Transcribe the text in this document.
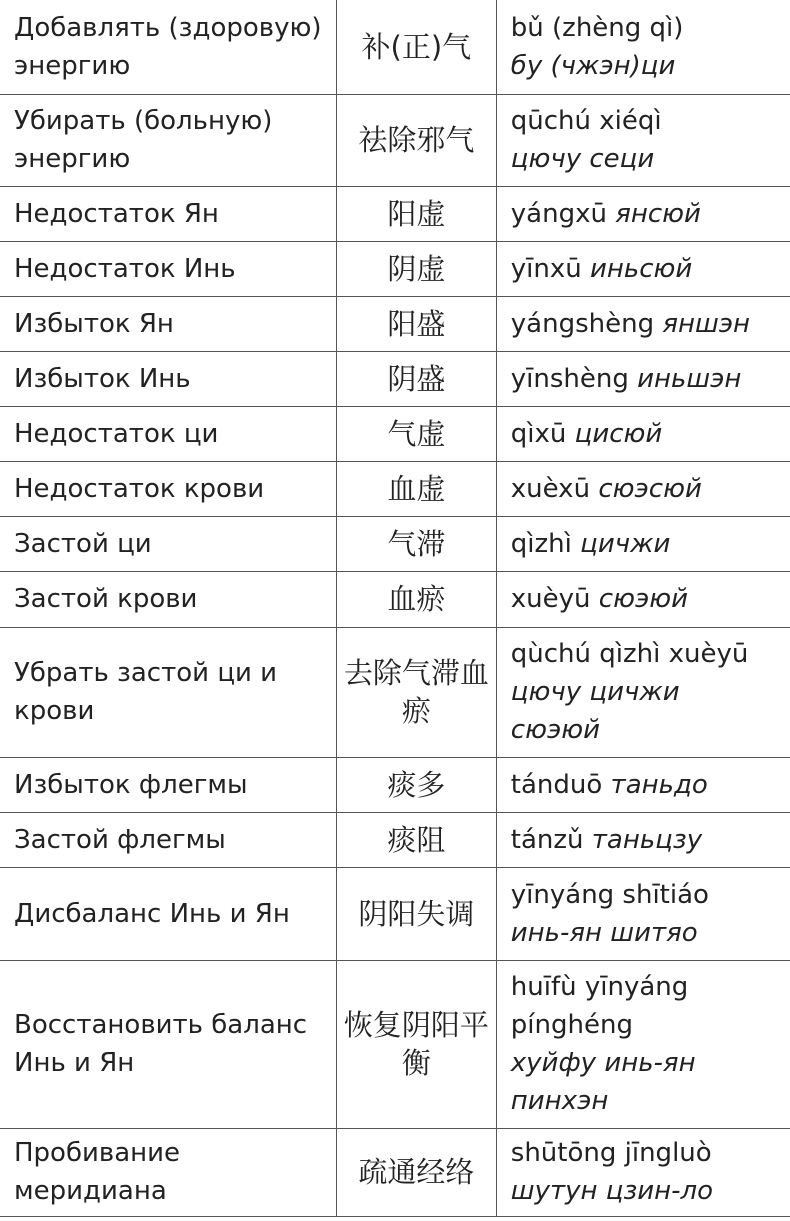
Добавлять (здоровую) энергию	补(正)气	bǔ (zhèng qì)
бу (чжэн)ци
Убирать (больную) энергию	祛除邪气	qūchú xiéqì
цючу сеци
Недостаток Ян	阳虚	yángxū янсюй
Недостаток Инь	阴虚	yīnxū иньсюй
Избыток Ян	阳盛	yángshèng яншэн
Избыток Инь	阴盛	yīnshèng иньшэн
Недостаток ци	气虚	qìxū цисюй
Недостаток крови	血虚	xuèxū сюэсюй
Застой ци	气滞	qìzhì цичжи
Застой крови	血瘀	xuèyū сюэюй
Убрать застой ци и крови	去除气滞血瘀	qùchú qìzhì xuèyū
цючу цичжи сюэюй
Избыток флегмы	痰多	tánduō таньдо
Застой флегмы	痰阻	tánzǔ таньцзу
Дисбаланс Инь и Ян	阴阳失调	yīnyáng shītiáo
инь-ян шитяо
Восстановить баланс Инь и Ян	恢复阴阳平衡	huīfù yīnyáng pínghéng
хуйфу инь-ян пинхэн
Пробивание меридиана	疏通经络	shūtōng jīngluò
шутун цзин-ло
